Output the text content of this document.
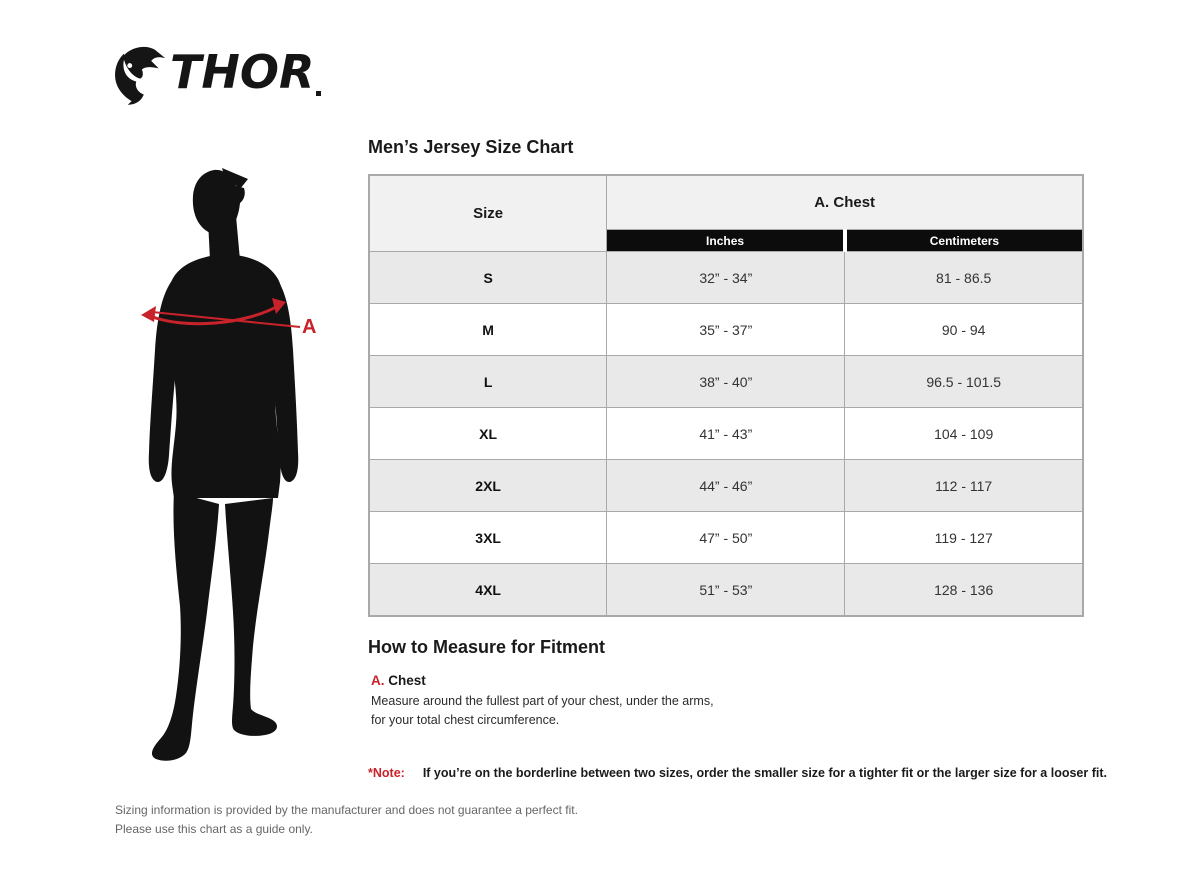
THOR
A
Men’s Jersey Size Chart
Size	A. Chest	
	Inches	Centimeters
S	32” - 34”	81 - 86.5
M	35” - 37”	90 - 94
L	38” - 40”	96.5 - 101.5
XL	41” - 43”	104 - 109
2XL	44” - 46”	112 - 117
3XL	47” - 50”	119 - 127
4XL	51” - 53”	128 - 136
How to Measure for Fitment
A. Chest

Measure around the fullest part of your chest, under the arms, for your total chest circumference.

*Note: If you’re on the borderline between two sizes, order the smaller size for a tighter fit or the larger size for a looser fit.

Sizing information is provided by the manufacturer and does not guarantee a perfect fit.
Please use this chart as a guide only.
